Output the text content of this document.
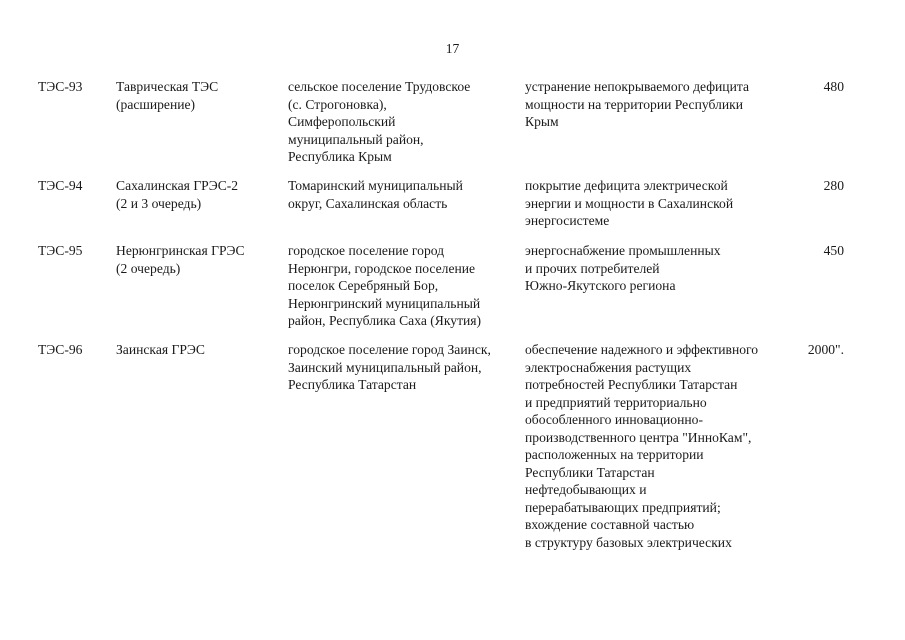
17
ТЭС-93 Таврическая ТЭС
(расширение)
сельское поселение Трудовское
(с. Строгоновка),
Симферопольский
муниципальный район,
Республика Крым
устранение непокрываемого дефицита
мощности на территории Республики
Крым
480
ТЭС-94 Сахалинская ГРЭС-2
(2 и 3 очередь)
Томаринский муниципальный
округ, Сахалинская область
покрытие дефицита электрической
энергии и мощности в Сахалинской
энергосистеме
280
ТЭС-95 Нерюнгринская ГРЭС
(2 очередь)
городское поселение город
Нерюнгри, городское поселение
поселок Серебряный Бор,
Нерюнгринский муниципальный
район, Республика Саха (Якутия)
энергоснабжение промышленных
и прочих потребителей
Южно-Якутского региона
450
ТЭС-96 Заинская ГРЭС	городское поселение город Заинск,
Заинский муниципальный район,
Республика Татарстан
обеспечение надежного и эффективного
электроснабжения растущих
потребностей Республики Татарстан
и предприятий территориально
обособленного инновационно-
производственного центра "ИнноКам",
расположенных на территории
Республики Татарстан
нефтедобывающих и
перерабатывающих предприятий;
вхождение составной частью
в структуру базовых электрических
2000".
